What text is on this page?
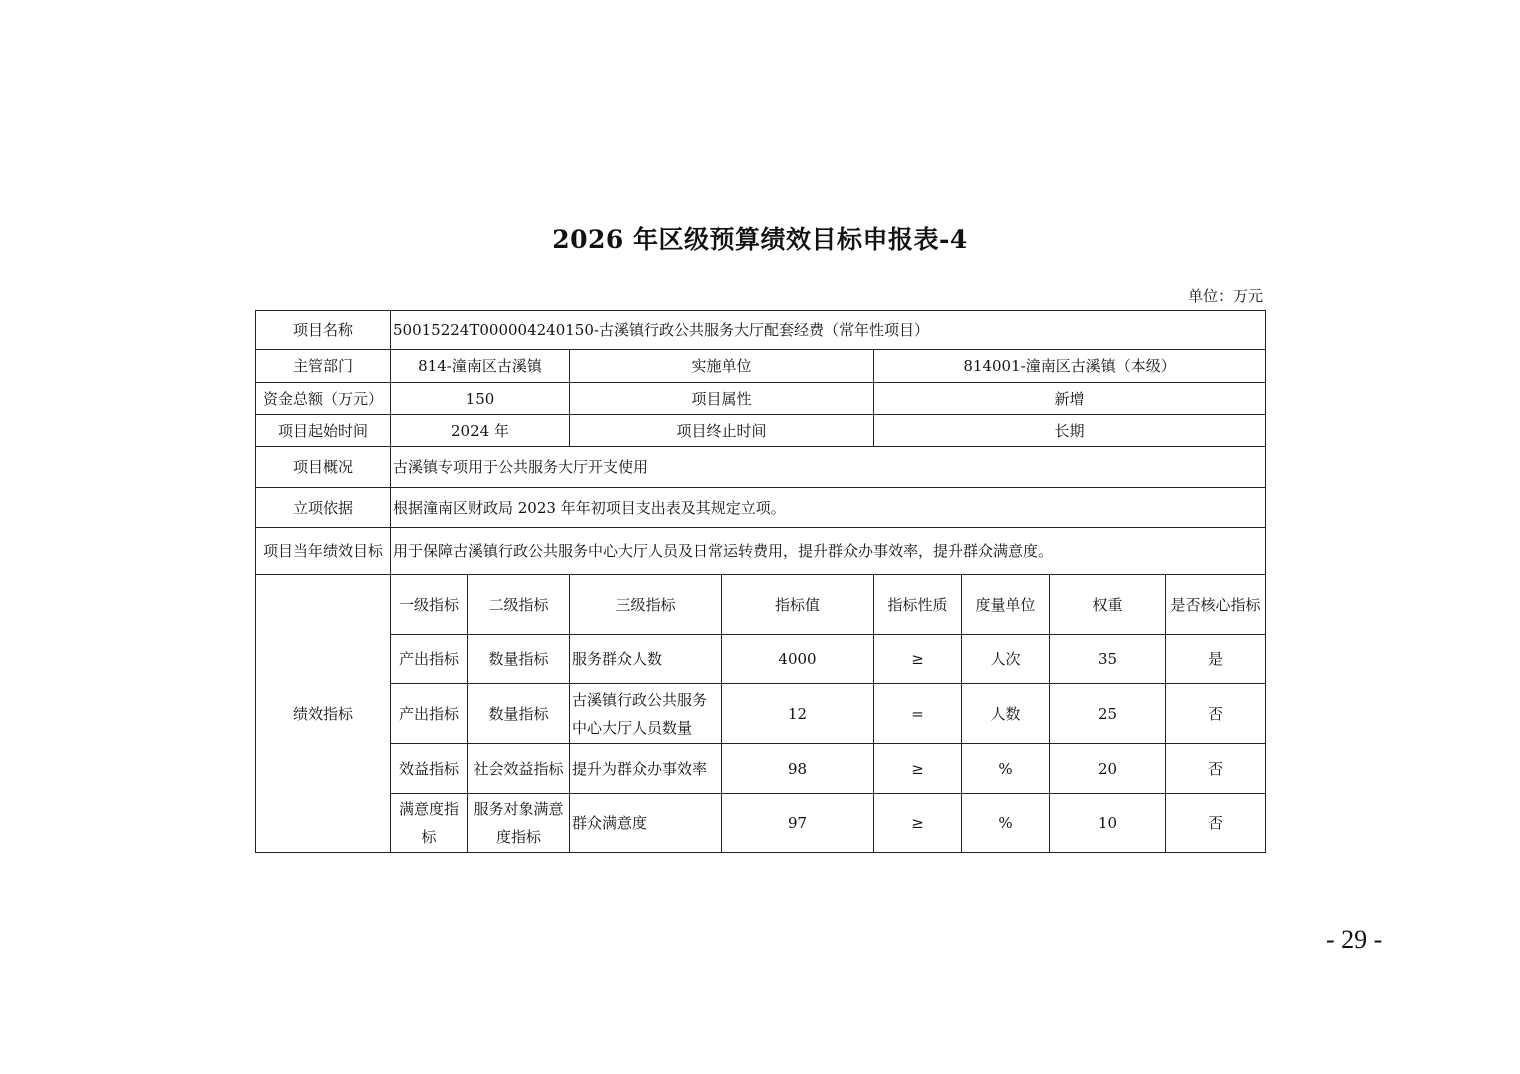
2026 年区级预算绩效目标申报表-4
单位：万元
项目名称	50015224T000004240150-古溪镇行政公共服务大厅配套经费（常年性项目）							
主管部门	814-潼南区古溪镇		实施单位		814001-潼南区古溪镇（本级）			
资金总额（万元）	150		项目属性		新增			
项目起始时间	2024 年		项目终止时间		长期			
项目概况	古溪镇专项用于公共服务大厅开支使用							
立项依据	根据潼南区财政局 2023 年年初项目支出表及其规定立项。							
项目当年绩效目标	用于保障古溪镇行政公共服务中心大厅人员及日常运转费用，提升群众办事效率，提升群众满意度。							
绩效指标	一级指标	二级指标	三级指标	指标值	指标性质	度量单位	权重	是否核心指标
	产出指标	数量指标	服务群众人数	4000	≥	人次	35	是
	产出指标	数量指标	古溪镇行政公共服务中心大厅人员数量	12	=	人数	25	否
	效益指标	社会效益指标	提升为群众办事效率	98	≥	%	20	否
	满意度指标	服务对象满意度指标	群众满意度	97	≥	%	10	否
- 29 -
